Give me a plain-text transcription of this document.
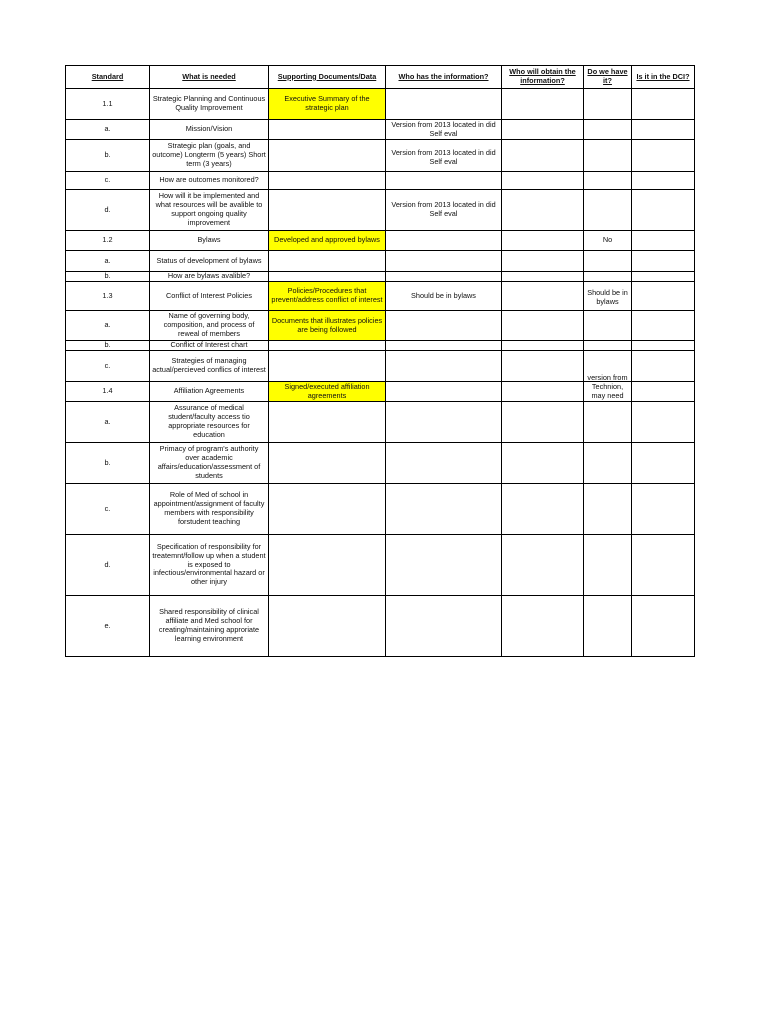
Standard	What is needed	Supporting Documents/Data	Who has the information?	Who will obtain the information?	Do we have it?	Is it in the DCI?
1.1	Strategic Planning and Continuous Quality Improvement	Executive Summary of the strategic plan				
a.	Mission/Vision		Version from 2013 located in did Self eval			
b.	Strategic plan (goals, and outcome) Longterm (5 years) Short term (3 years)		Version from 2013 located in did Self eval			
c.	How are outcomes monitored?					
d.	How will it be implemented and what resources will be avalible to support ongoing quality improvement		Version from 2013 located in did Self eval			
1.2	Bylaws	Developed and approved bylaws			No	
a.	Status of development of bylaws					
b.	How are bylaws avalible?					
1.3	Conflict of Interest Policies	Policies/Procedures that prevent/address conflict of interest	Should be in bylaws		Should be in bylaws	
a.	Name of governing body, composition, and process of reweal of members	Documents that illustrates policies are being followed				
b.	Conflict of Interest chart					
c.	Strategies of managing actual/percieved conflics of interest					
1.4	Affiliation Agreements	Signed/executed affiliation agreements			version from Technion, may need	

a.	Assurance of medical student/faculty access tio appropriate resources for education					
b.	Primacy of program's authority over academic affairs/education/assessment of students					
c.	Role of Med of school in appointment/assignment of faculty members with responsibility forstudent teaching					
d.	Specification of responsibility for treatemnt/follow up when a student is exposed to infectious/environmental hazard or other injury					
e.	Shared responsibility of clinical affiliate and Med school for creating/maintaining approriate learning environment					
